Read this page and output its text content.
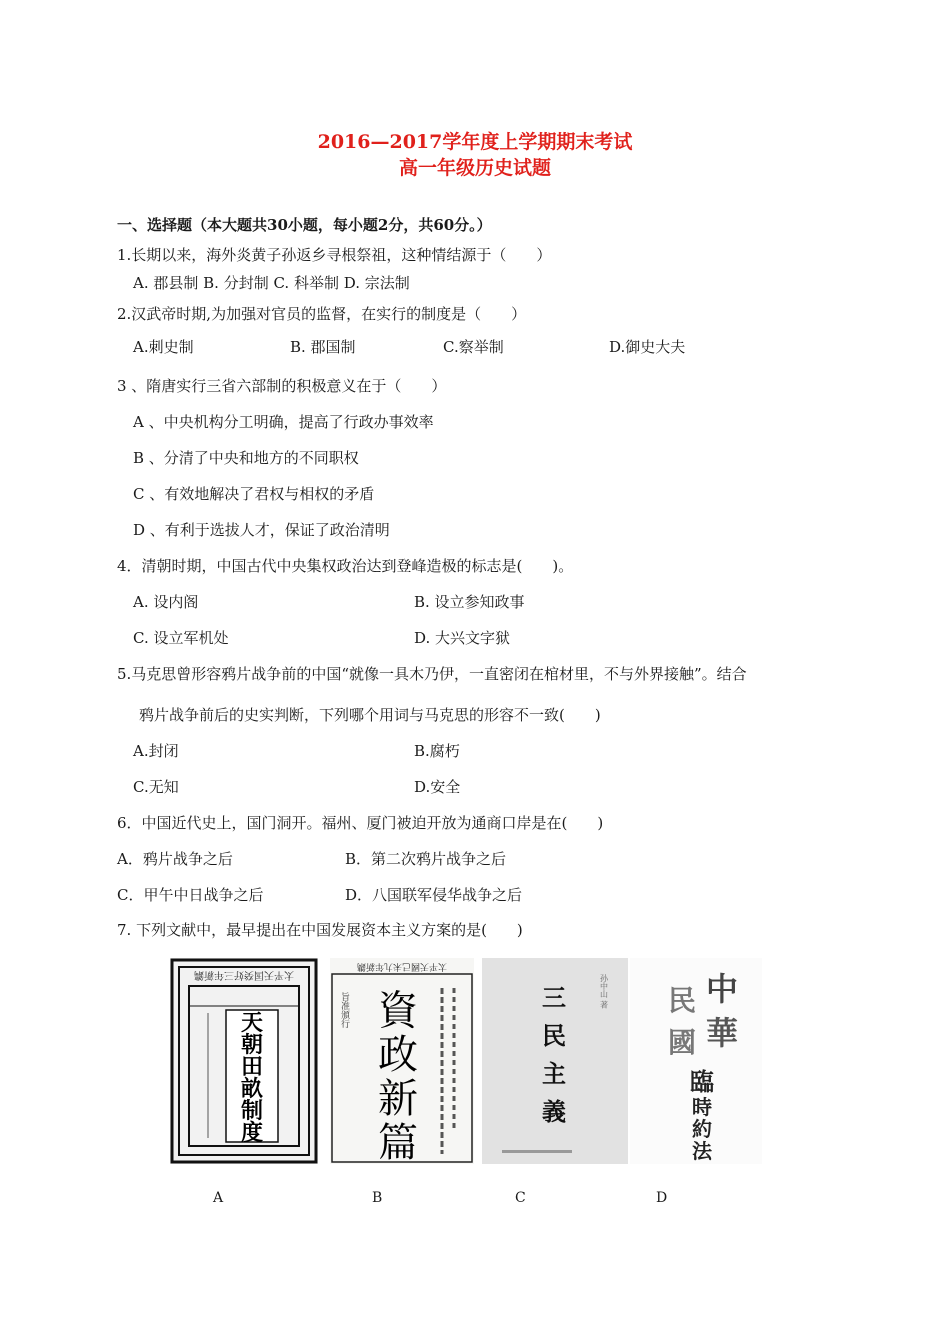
2016—2017学年度上学期期末考试
高一年级历史试题
一、选择题（本大题共30小题，每小题2分，共60分。）
1.长期以来，海外炎黄子孙返乡寻根祭祖，这种情结源于（　　）
A. 郡县制 B. 分封制 C. 科举制 D. 宗法制
2.汉武帝时期,为加强对官员的监督，在实行的制度是（　　）
A.刺史制	B. 郡国制	C.察举制	D.御史大夫
3 、隋唐实行三省六部制的积极意义在于（　　）
A 、中央机构分工明确，提高了行政办事效率
B 、分清了中央和地方的不同职权
C 、有效地解决了君权与相权的矛盾
D 、有利于选拔人才，保证了政治清明
4．清朝时期，中国古代中央集权政治达到登峰造极的标志是(　　)。
A. 设内阁	B. 设立参知政事
C. 设立军机处	D. 大兴文字狱
5.马克思曾形容鸦片战争前的中国“就像一具木乃伊，一直密闭在棺材里，不与外界接触”。结合
鸦片战争前后的史实判断，下列哪个用词与马克思的形容不一致(　　)
A.封闭	B.腐朽
C.无知	D.安全
6．中国近代史上，国门洞开。福州、厦门被迫开放为通商口岸是在(　　)
A．鸦片战争之后	B．第二次鸦片战争之后
C．甲午中日战争之后	D．八国联军侵华战争之后
7. 下列文献中，最早提出在中国发展资本主义方案的是(　　)
太平天国癸好三年新鐫
天
朝
田
畝
制
度
太平天國己未九年新鐫
旨准頒行 資
政
新
篇
孙中山 著
三
民
主
義
中
華
民
國
臨
時
約
法
A	B	C	D
